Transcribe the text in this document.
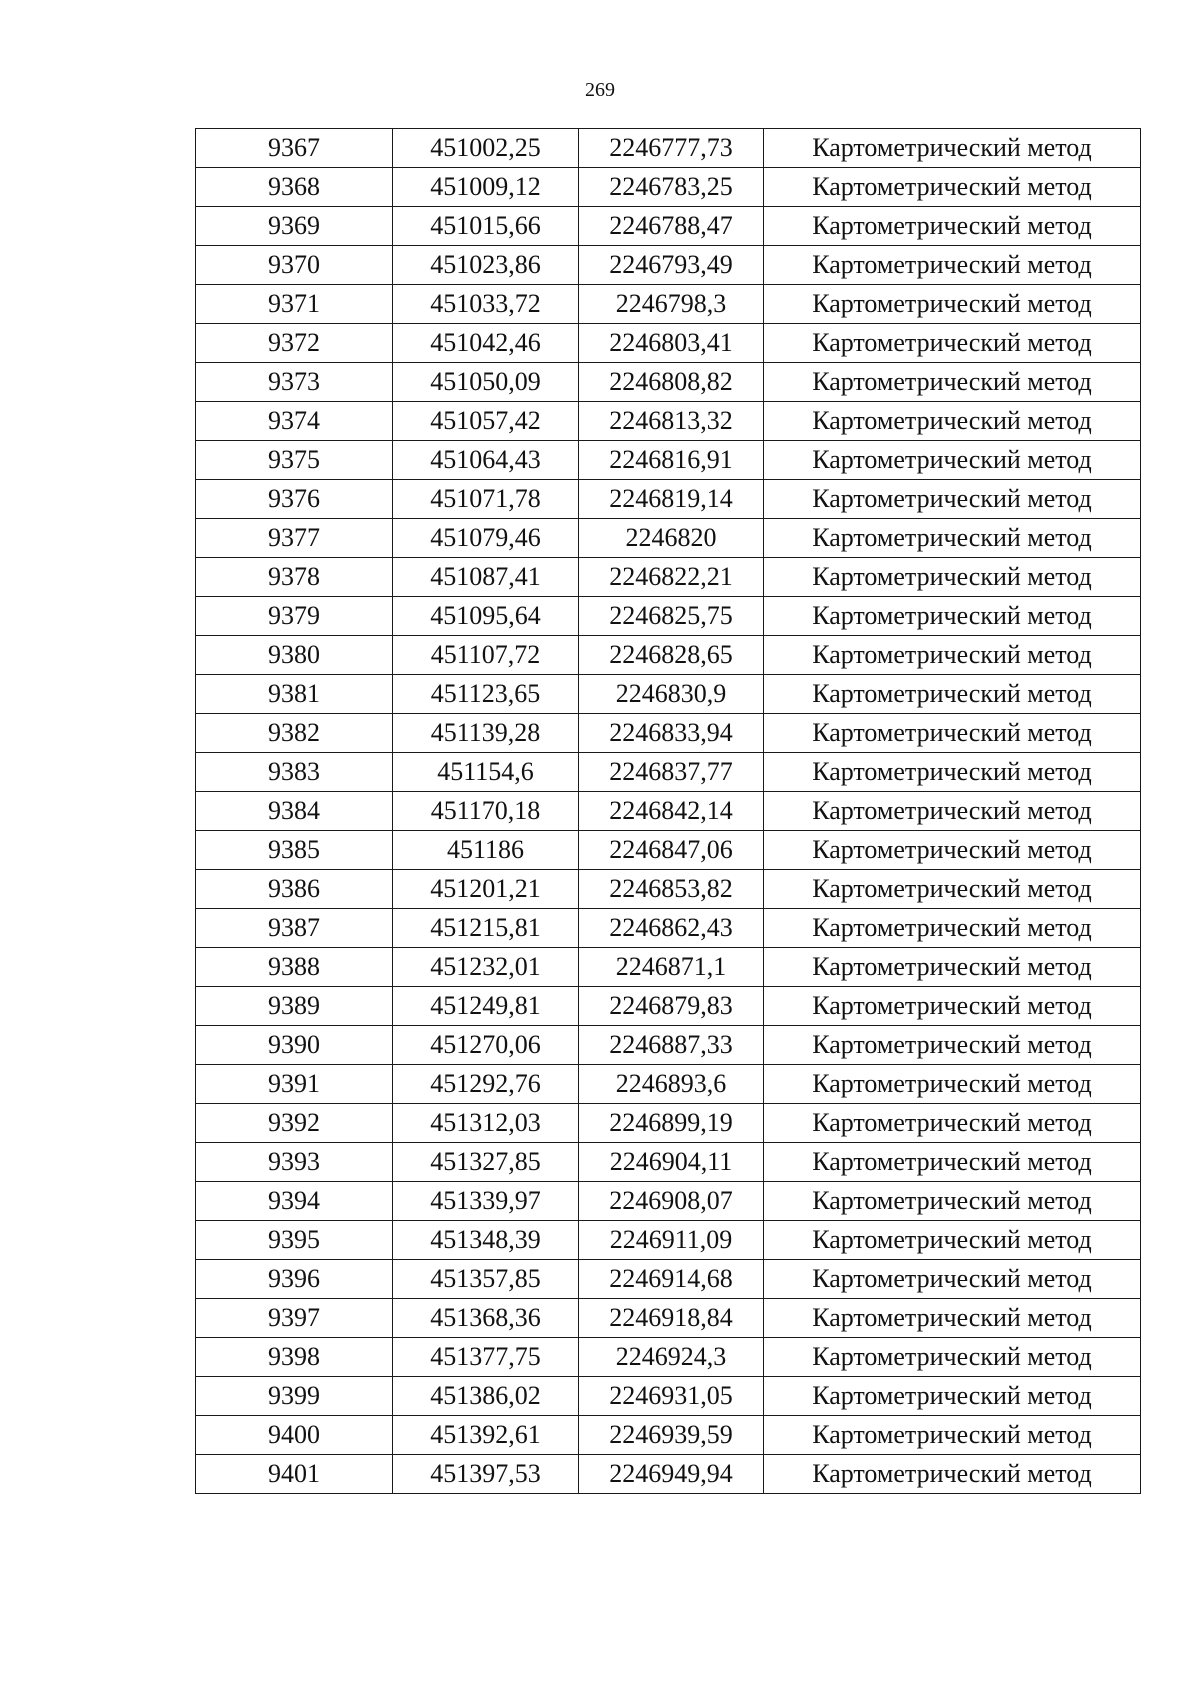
269
9367	451002,25	2246777,73	Картометрический метод
9368	451009,12	2246783,25	Картометрический метод
9369	451015,66	2246788,47	Картометрический метод
9370	451023,86	2246793,49	Картометрический метод
9371	451033,72	2246798,3	Картометрический метод
9372	451042,46	2246803,41	Картометрический метод
9373	451050,09	2246808,82	Картометрический метод
9374	451057,42	2246813,32	Картометрический метод
9375	451064,43	2246816,91	Картометрический метод
9376	451071,78	2246819,14	Картометрический метод
9377	451079,46	2246820	Картометрический метод
9378	451087,41	2246822,21	Картометрический метод
9379	451095,64	2246825,75	Картометрический метод
9380	451107,72	2246828,65	Картометрический метод
9381	451123,65	2246830,9	Картометрический метод
9382	451139,28	2246833,94	Картометрический метод
9383	451154,6	2246837,77	Картометрический метод
9384	451170,18	2246842,14	Картометрический метод
9385	451186	2246847,06	Картометрический метод
9386	451201,21	2246853,82	Картометрический метод
9387	451215,81	2246862,43	Картометрический метод
9388	451232,01	2246871,1	Картометрический метод
9389	451249,81	2246879,83	Картометрический метод
9390	451270,06	2246887,33	Картометрический метод
9391	451292,76	2246893,6	Картометрический метод
9392	451312,03	2246899,19	Картометрический метод
9393	451327,85	2246904,11	Картометрический метод
9394	451339,97	2246908,07	Картометрический метод
9395	451348,39	2246911,09	Картометрический метод
9396	451357,85	2246914,68	Картометрический метод
9397	451368,36	2246918,84	Картометрический метод
9398	451377,75	2246924,3	Картометрический метод
9399	451386,02	2246931,05	Картометрический метод
9400	451392,61	2246939,59	Картометрический метод
9401	451397,53	2246949,94	Картометрический метод
